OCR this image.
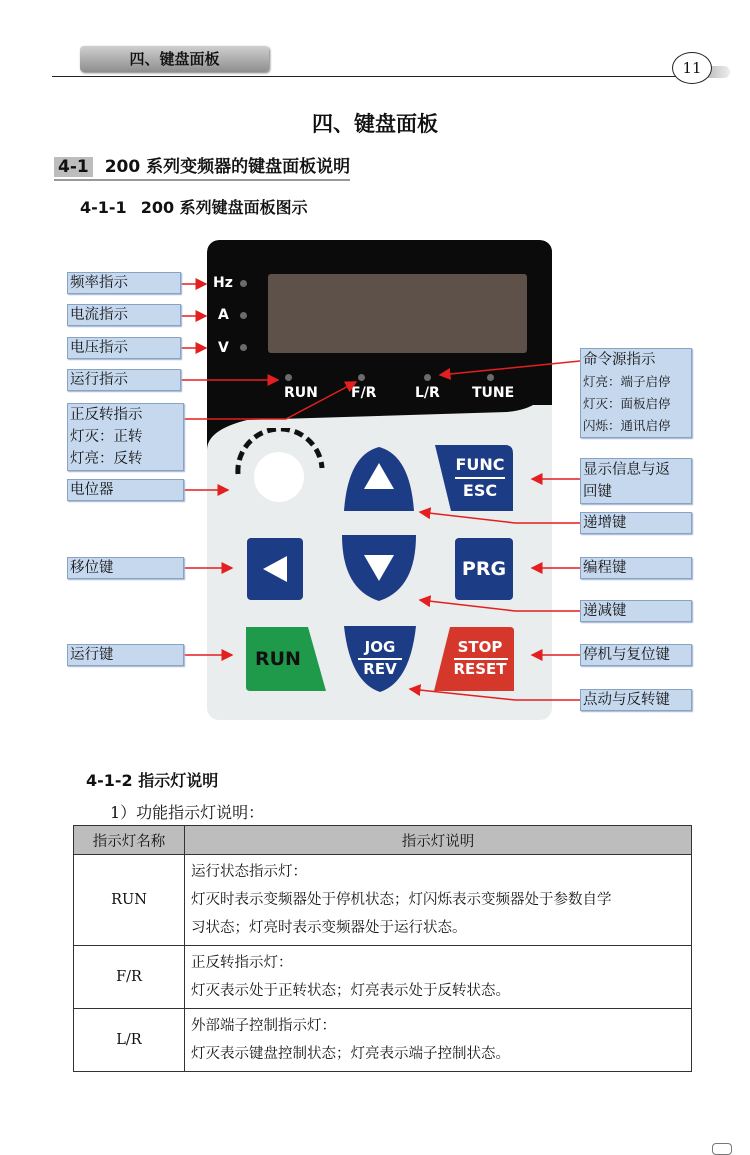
四、键盘面板	11
四、键盘面板
4-1 200 系列变频器的键盘面板说明
4-1-1 200 系列键盘面板图示
Hz
A
V
RUN F/R	L/R TUNE
FUNC
ESC
PRG
RUN
JOG
REV
STOP
RESET
频率指示
电流指示
电压指示
运行指示
正反转指示
灯灭：正转
灯亮：反转
电位器
移位键
运行键
命令源指示
灯亮：端子启停
灯灭：面板启停
闪烁：通讯启停
显示信息与返
回键
递增键
编程键
递减键
停机与复位键
点动与反转键
4-1-2 指示灯说明
1）功能指示灯说明：
指示灯名称	指示灯说明
RUN	运行状态指示灯：
灯灭时表示变频器处于停机状态；灯闪烁表示变频器处于参数自学
习状态；灯亮时表示变频器处于运行状态。

F/R	正反转指示灯：
灯灭表示处于正转状态；灯亮表示处于反转状态。

L/R	外部端子控制指示灯：
灯灭表示键盘控制状态；灯亮表示端子控制状态。
